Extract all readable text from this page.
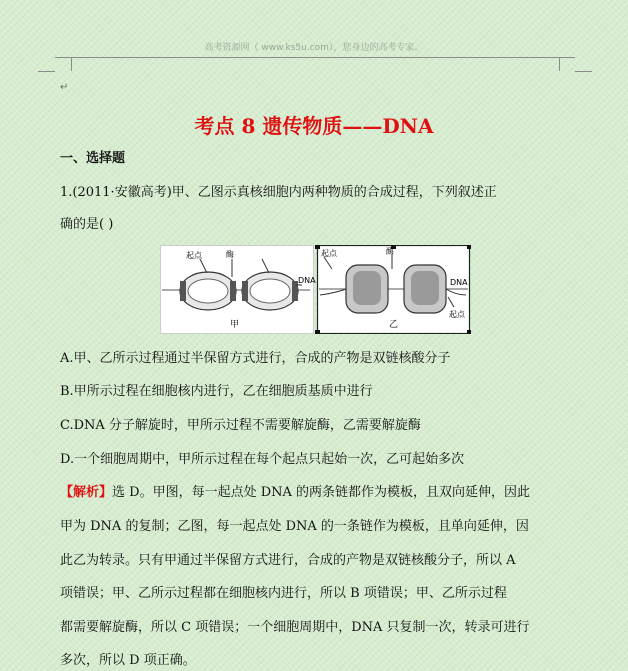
高考资源网（ www.ks5u.com），您身边的高考专家。
↵
考点 8 遗传物质——DNA
一、选择题
1.(2011·安徽高考)甲、乙图示真核细胞内两种物质的合成过程，下列叙述正
确的是( )
起点	酶
DNA
甲
起点	酶
DNA
起点
乙
A.甲、乙所示过程通过半保留方式进行，合成的产物是双链核酸分子
B.甲所示过程在细胞核内进行，乙在细胞质基质中进行
C.DNA 分子解旋时，甲所示过程不需要解旋酶，乙需要解旋酶
D.一个细胞周期中，甲所示过程在每个起点只起始一次，乙可起始多次
【解析】选 D。甲图，每一起点处 DNA 的两条链都作为模板，且双向延伸，因此
甲为 DNA 的复制；乙图，每一起点处 DNA 的一条链作为模板，且单向延伸，因
此乙为转录。只有甲通过半保留方式进行，合成的产物是双链核酸分子，所以 A
项错误；甲、乙所示过程都在细胞核内进行，所以 B 项错误；甲、乙所示过程
都需要解旋酶，所以 C 项错误；一个细胞周期中，DNA 只复制一次，转录可进行
多次，所以 D 项正确。
